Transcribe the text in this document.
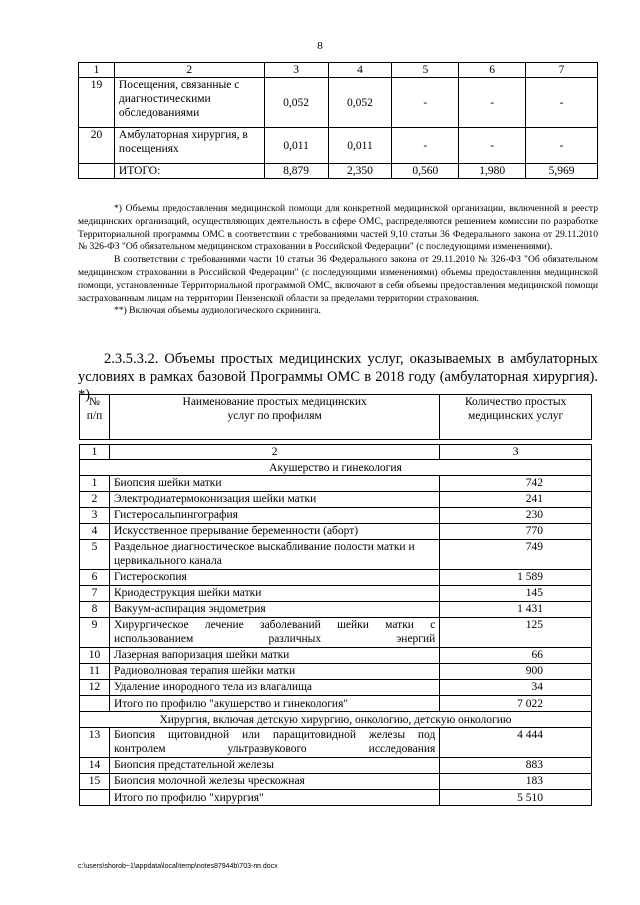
8
1	2	3	4	5	6	7
19	Посещения, связанные с диагностическими обследованиями	0,052	0,052	-	-	-
20	Амбулаторная хирургия, в посещениях	0,011	0,011	-	-	-
	ИТОГО:	8,879	2,350	0,560	1,980	5,969

*) Объемы предоставления медицинской помощи для конкретной медицинской организации, включенной в реестр медицинских организаций, осуществляющих деятельность в сфере ОМС, распределяются решением комиссии по разработке Территориальной программы ОМС в соответствии с требованиями частей 9,10 статьи 36 Федерального закона от 29.11.2010 № 326-ФЗ "Об обязательном медицинском страховании в Российской Федерации" (с последующими изменениями).

В соответствии с требованиями части 10 статьи 36 Федерального закона от 29.11.2010 № 326-ФЗ "Об обязательном медицинском страховании в Российской Федерации" (с последующими изменениями) объемы предоставления медицинской помощи, установленные Территориальной программой ОМС, включают в себя объемы предоставления медицинской помощи застрахованным лицам на территории Пензенской области за пределами территории страхования.

**) Включая объемы аудиологического скрининга.

2.3.5.3.2. Объемы простых медицинских услуг, оказываемых в амбулаторных условиях в рамках базовой Программы ОМС в 2018 году (амбулаторная хирургия). *)
№ п/п	Наименование простых медицинских услуг по профилям	Количество простых медицинских услуг

1	2	3
Акушерство и гинекология		
1	Биопсия шейки матки	742
2	Электродиатермоконизация шейки матки	241
3	Гистеросальпингография	230
4	Искусственное прерывание беременности (аборт)	770
5	Раздельное диагностическое выскабливание полости матки и цервикального канала	749
6	Гистероскопия	1 589
7	Криодеструкция шейки матки	145
8	Вакуум-аспирация эндометрия	1 431
9	Хирургическое лечение заболеваний шейки матки с использованием различных энергий	125
10	Лазерная вапоризация шейки матки	66
11	Радиоволновая терапия шейки матки	900
12	Удаление инородного тела из влагалища	34
	Итого по профилю "акушерство и гинекология"	7 022
Хирургия, включая детскую хирургию, онкологию, детскую онкологию		
13	Биопсия щитовидной или паращитовидной железы под контролем ультразвукового исследования	4 444
14	Биопсия предстательной железы	883
15	Биопсия молочной железы чрескожная	183
	Итого по профилю "хирургия"	5 510
c:\users\shorob~1\appdata\local\temp\notes87944b\703-пп.docx
